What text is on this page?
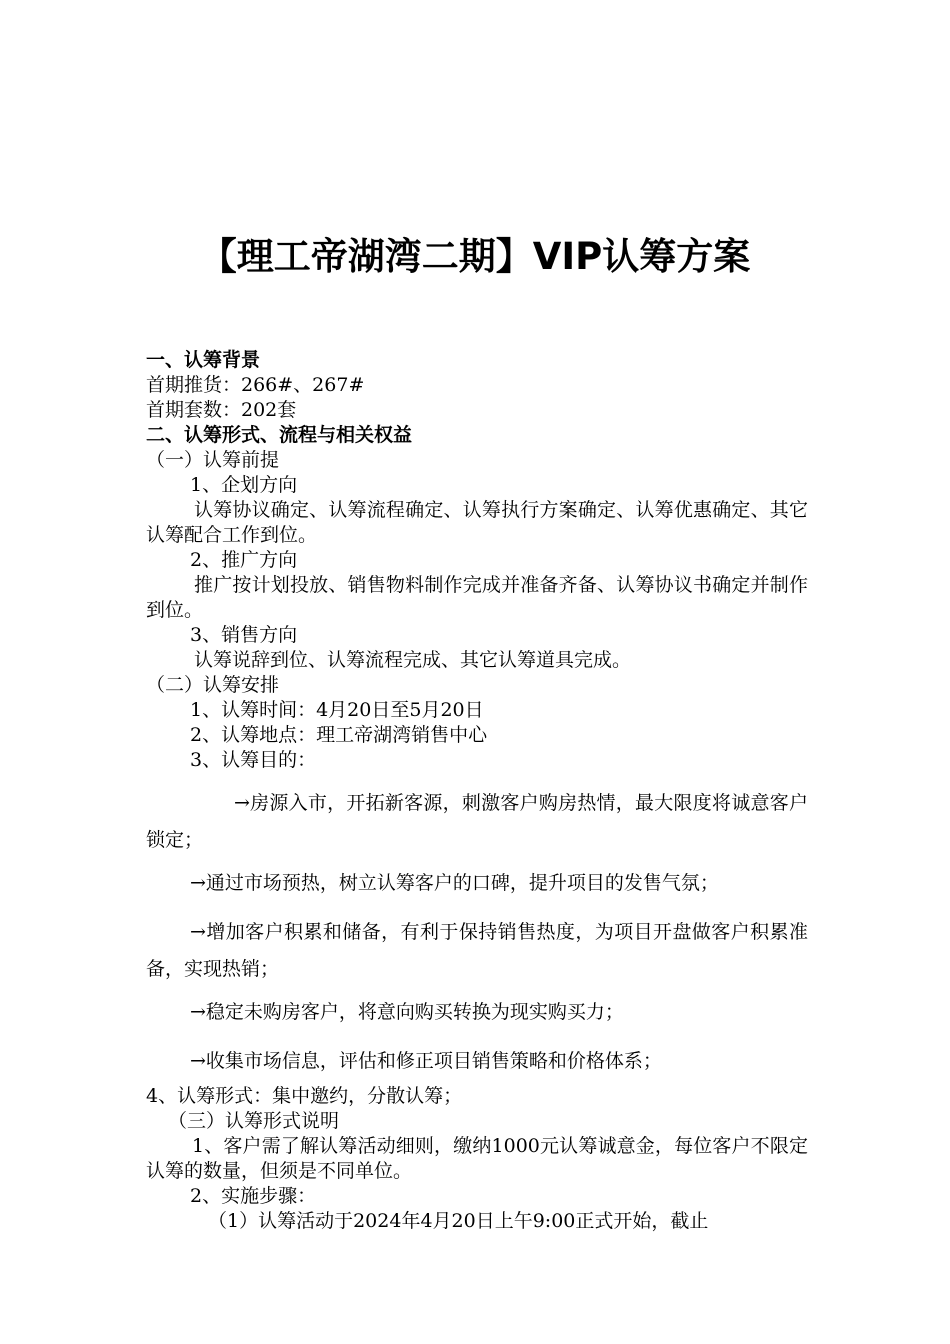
【理工帝湖湾二期】VIP认筹方案
一、认筹背景
首期推货：266#、267#
首期套数：202套
二、认筹形式、流程与相关权益
（一）认筹前提
1、企划方向
认筹协议确定、认筹流程确定、认筹执行方案确定、认筹优惠确定、其它认筹配合工作到位。
2、推广方向
推广按计划投放、销售物料制作完成并准备齐备、认筹协议书确定并制作到位。
3、销售方向
认筹说辞到位、认筹流程完成、其它认筹道具完成。
（二）认筹安排
1、认筹时间：4月20日至5月20日
2、认筹地点：理工帝湖湾销售中心
3、认筹目的：
→房源入市，开拓新客源，刺激客户购房热情，最大限度将诚意客户锁定；
→通过市场预热，树立认筹客户的口碑，提升项目的发售气氛；
→增加客户积累和储备，有利于保持销售热度，为项目开盘做客户积累准备，实现热销；
→稳定未购房客户，将意向购买转换为现实购买力；
→收集市场信息，评估和修正项目销售策略和价格体系；
4、认筹形式：集中邀约，分散认筹；
（三）认筹形式说明
1、客户需了解认筹活动细则，缴纳1000元认筹诚意金，每位客户不限定认筹的数量，但须是不同单位。
2、实施步骤：
（1）认筹活动于2024年4月20日上午9:00正式开始，截止
